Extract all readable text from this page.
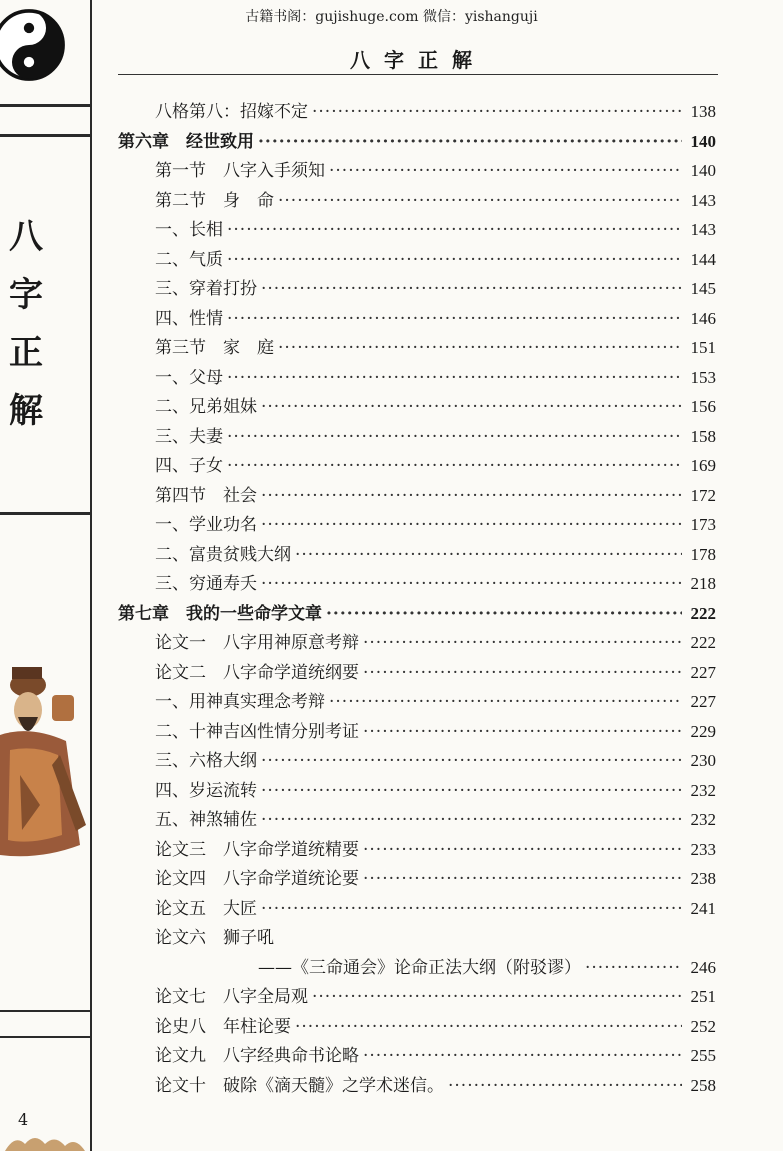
古籍书阁：gujishuge.com 微信：yishanguji
八
字
正
解
4
八字正解
八格第八：招嫁不定 ·····	138
第六章　经世致用 ·····	140
第一节　八字入手须知 ·····	140
第二节　身　命 ·····	143
一、长相 ·····	143
二、气质 ·····	144
三、穿着打扮 ·····	145
四、性情 ·····	146
第三节　家　庭 ·····	151
一、父母 ·····	153
二、兄弟姐妹 ·····	156
三、夫妻 ·····	158
四、子女 ·····	169
第四节　社会 ·····	172
一、学业功名 ·····	173
二、富贵贫贱大纲 ·····	178
三、穷通寿夭 ·····	218
第七章　我的一些命学文章 ·····	222
论文一　八字用神原意考辩 ·····	222
论文二　八字命学道统纲要 ·····	227
一、用神真实理念考辩 ·····	227
二、十神吉凶性情分别考证 ·····	229
三、六格大纲 ·····	230
四、岁运流转 ·····	232
五、神煞辅佐 ·····	232
论文三　八字命学道统精要 ·····	233
论文四　八字命学道统论要 ·····	238
论文五　大匠 ·····	241
论文六　狮子吼
——《三命通会》论命正法大纲（附驳谬） ·····	246
论文七　八字全局观 ·····	251
论史八　年柱论要 ·····	252
论文九　八字经典命书论略 ·····	255
论文十　破除《滴天髓》之学术迷信。 ·····	258
